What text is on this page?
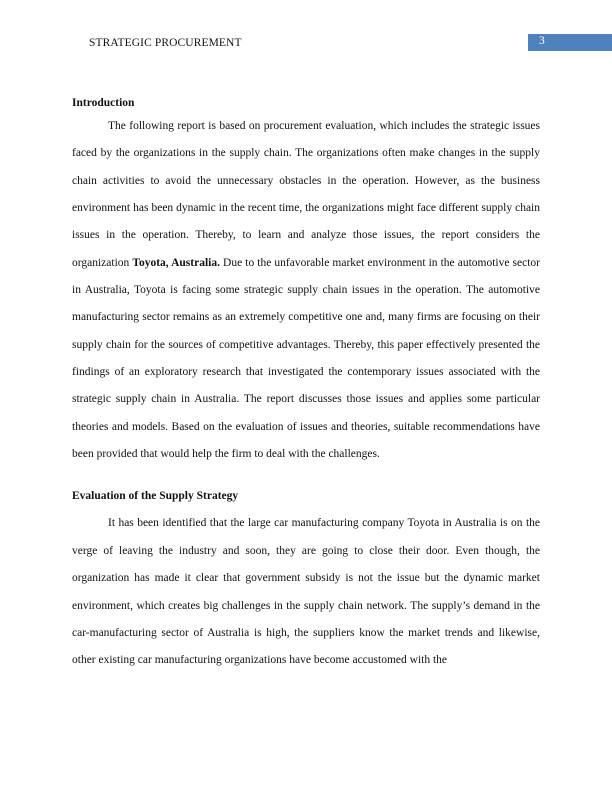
STRATEGIC PROCUREMENT	3

Introduction

The following report is based on procurement evaluation, which includes the strategic issues faced by the organizations in the supply chain. The organizations often make changes in the supply chain activities to avoid the unnecessary obstacles in the operation. However, as the business environment has been dynamic in the recent time, the organizations might face different supply chain issues in the operation. Thereby, to learn and analyze those issues, the report considers the organization Toyota, Australia. Due to the unfavorable market environment in the automotive sector in Australia, Toyota is facing some strategic supply chain issues in the operation. The automotive manufacturing sector remains as an extremely competitive one and, many firms are focusing on their supply chain for the sources of competitive advantages. Thereby, this paper effectively presented the findings of an exploratory research that investigated the contemporary issues associated with the strategic supply chain in Australia. The report discusses those issues and applies some particular theories and models. Based on the evaluation of issues and theories, suitable recommendations have been provided that would help the firm to deal with the challenges.

Evaluation of the Supply Strategy

It has been identified that the large car manufacturing company Toyota in Australia is on the verge of leaving the industry and soon, they are going to close their door. Even though, the organization has made it clear that government subsidy is not the issue but the dynamic market environment, which creates big challenges in the supply chain network. The supply’s demand in the car-manufacturing sector of Australia is high, the suppliers know the market trends and likewise, other existing car manufacturing organizations have become accustomed with the
